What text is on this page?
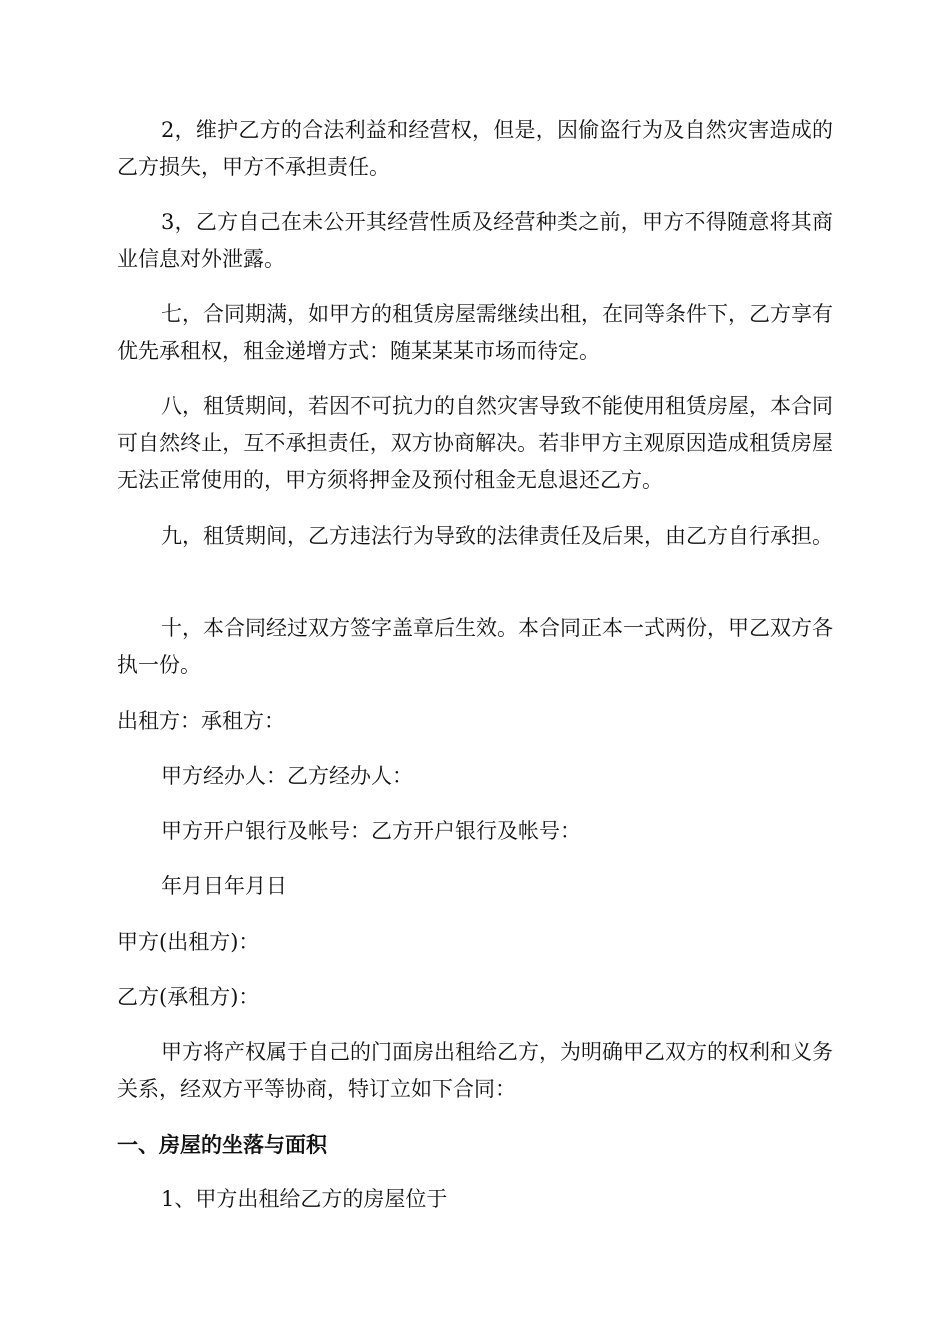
2，维护乙方的合法利益和经营权，但是，因偷盗行为及自然灾害造成的乙方损失，甲方不承担责任。

3，乙方自己在未公开其经营性质及经营种类之前，甲方不得随意将其商业信息对外泄露。

七，合同期满，如甲方的租赁房屋需继续出租，在同等条件下，乙方享有优先承租权，租金递增方式：随某某某市场而待定。

八，租赁期间，若因不可抗力的自然灾害导致不能使用租赁房屋，本合同可自然终止，互不承担责任，双方协商解决。若非甲方主观原因造成租赁房屋无法正常使用的，甲方须将押金及预付租金无息退还乙方。

九，租赁期间，乙方违法行为导致的法律责任及后果，由乙方自行承担。

十，本合同经过双方签字盖章后生效。本合同正本一式两份，甲乙双方各执一份。

出租方：承租方：

甲方经办人：乙方经办人：

甲方开户银行及帐号：乙方开户银行及帐号：

年月日年月日

甲方(出租方)：

乙方(承租方)：

甲方将产权属于自己的门面房出租给乙方，为明确甲乙双方的权利和义务关系，经双方平等协商，特订立如下合同：

一、房屋的坐落与面积

1、甲方出租给乙方的房屋位于
